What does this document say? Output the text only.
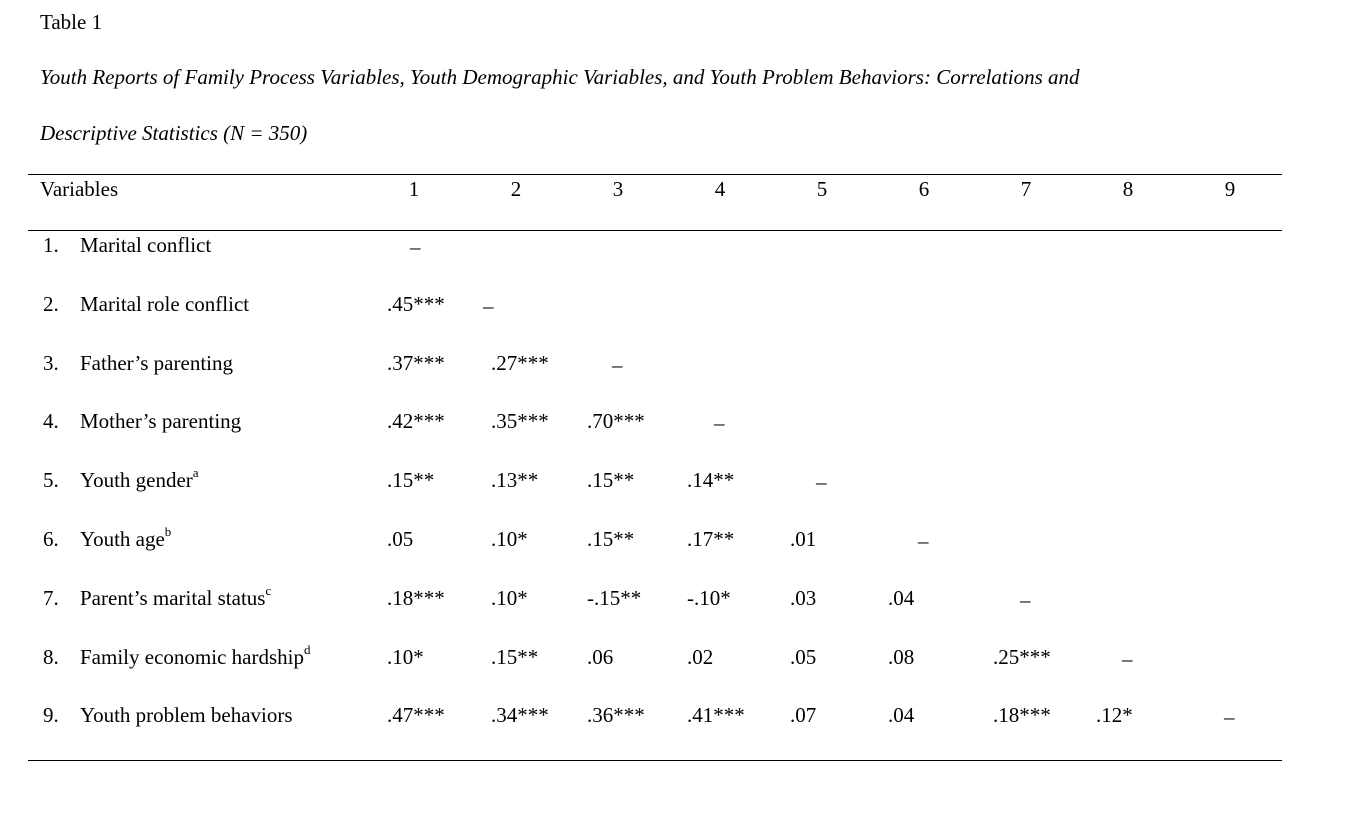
Table 1
Youth Reports of Family Process Variables, Youth Demographic Variables, and Youth Problem Behaviors: Correlations and
Descriptive Statistics (N = 350)
Variables	1	2	3	4	5	6	7	8	9
1. Marital conflict	–
2. Marital role conflict	.45*** –
3. Father’s parenting	.37*** .27***	–
4. Mother’s parenting	.42*** .35*** .70***	–
5. Youth gender$^a$	.15**	.13** .15**	.14**	–
6. Youth age$^b$	.05	.10*	.15**	.17**	.01	–
7. Parent’s marital status$^c$	.18*** .10*	-.15** -.10*	.03	.04	–
8. Family economic hardship$^d$	.10*	.15** .06	.02	.05	.08	.25***	–
9. Youth problem behaviors	.47*** .34*** .36*** .41*** .07	.04	.18*** .12*	–
